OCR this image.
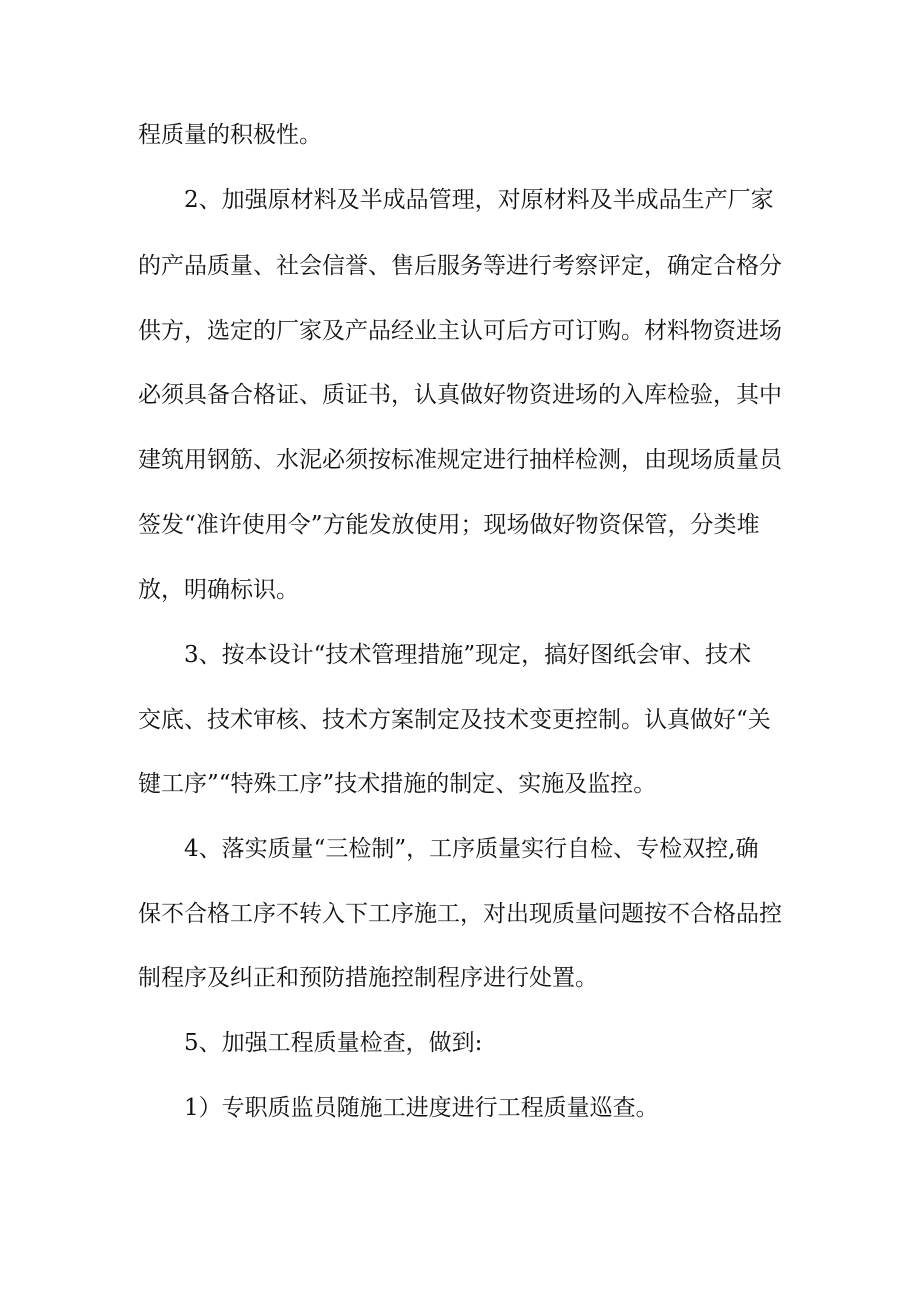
程质量的积极性。
2、加强原材料及半成品管理，对原材料及半成品生产厂家
的产品质量、社会信誉、售后服务等进行考察评定，确定合格分
供方，选定的厂家及产品经业主认可后方可订购。材料物资进场
必须具备合格证、质证书，认真做好物资进场的入库检验，其中
建筑用钢筋、水泥必须按标准规定进行抽样检测，由现场质量员
签发“准许使用令”方能发放使用；现场做好物资保管，分类堆
放，明确标识。
3、按本设计“技术管理措施”现定，搞好图纸会审、技术
交底、技术审核、技术方案制定及技术变更控制。认真做好“关
键工序”“特殊工序”技术措施的制定、实施及监控。
4、落实质量“三检制”，工序质量实行自检、专检双控,确
保不合格工序不转入下工序施工，对出现质量问题按不合格品控
制程序及纠正和预防措施控制程序进行处置。
5、加强工程质量检查，做到:
1）专职质监员随施工进度进行工程质量巡查。
